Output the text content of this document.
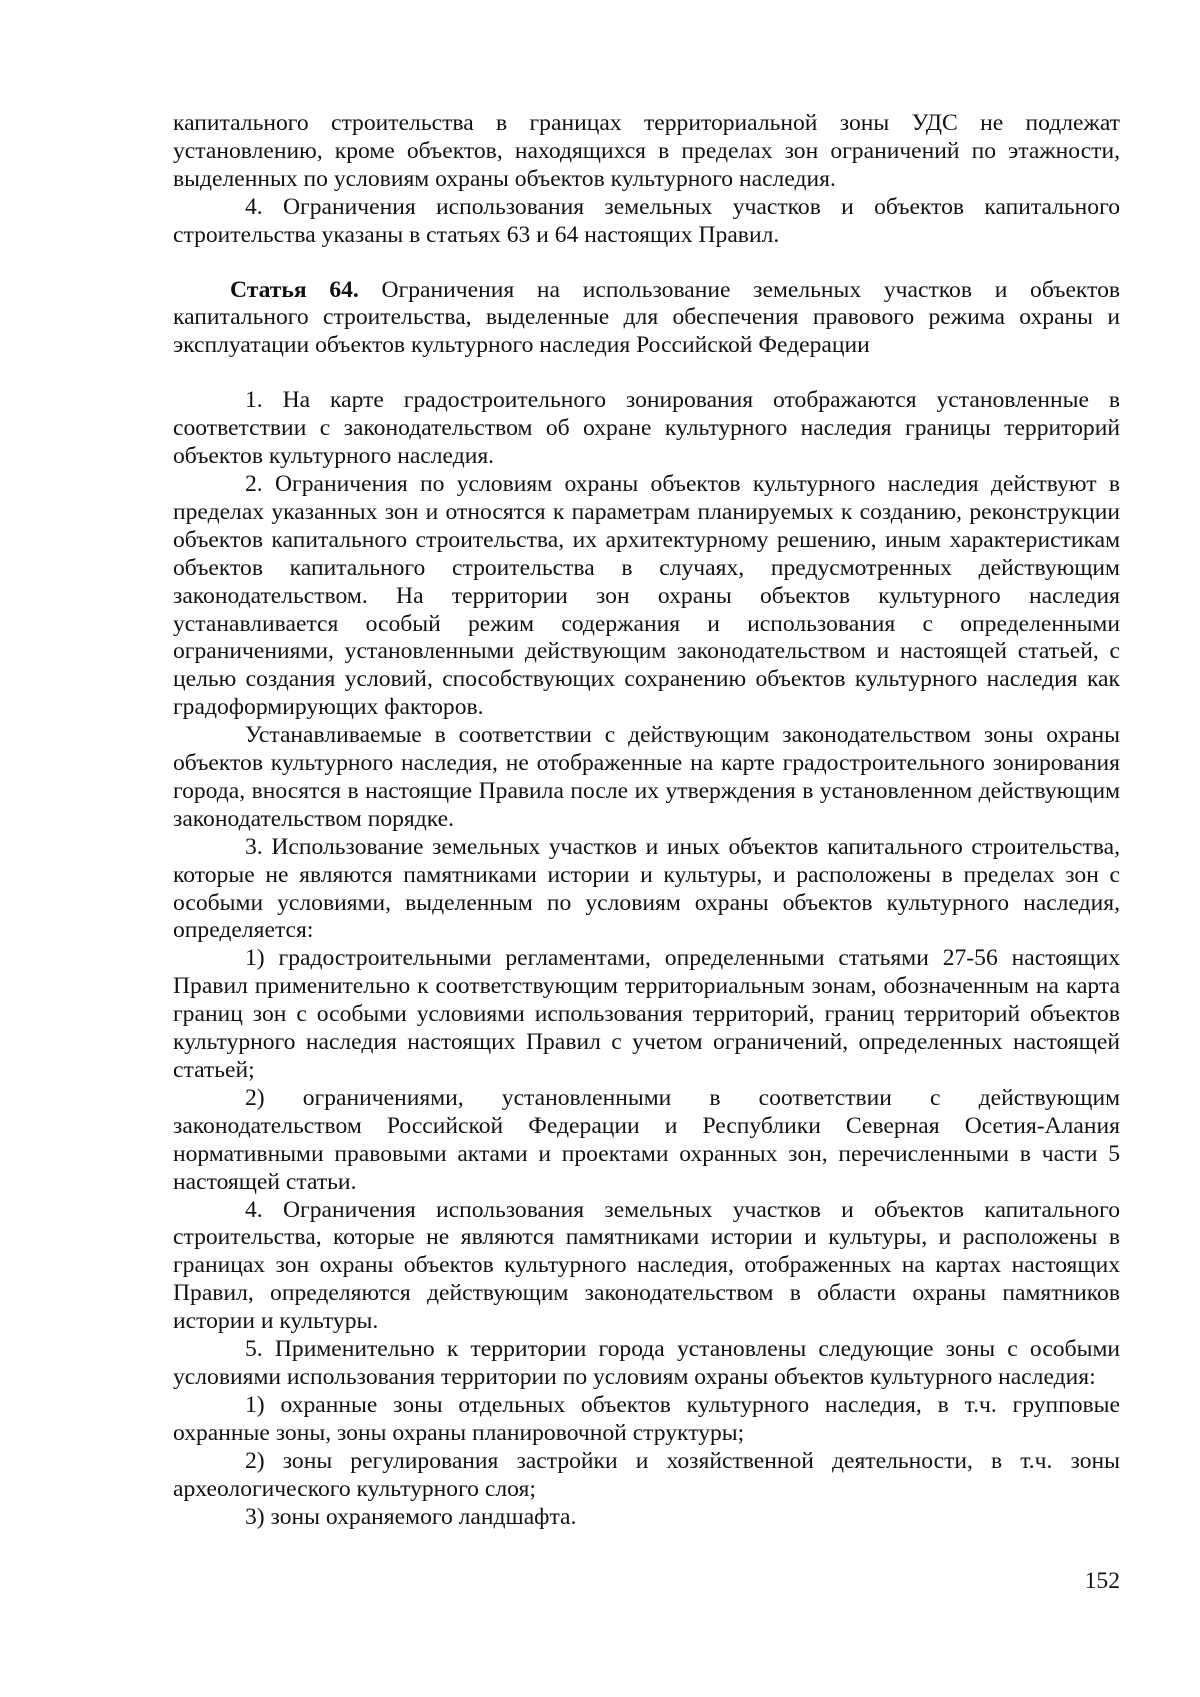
капитального строительства в границах территориальной зоны УДС не подлежат установлению, кроме объектов, находящихся в пределах зон ограничений по этажности, выделенных по условиям охраны объектов культурного наследия.

4. Ограничения использования земельных участков и объектов капитального строительства указаны в статьях 63 и 64 настоящих Правил.

Статья 64. Ограничения на использование земельных участков и объектов капитального строительства, выделенные для обеспечения правового режима охраны и эксплуатации объектов культурного наследия Российской Федерации

1. На карте градостроительного зонирования отображаются установленные в соответствии с законодательством об охране культурного наследия границы территорий объектов культурного наследия.

2. Ограничения по условиям охраны объектов культурного наследия действуют в пределах указанных зон и относятся к параметрам планируемых к созданию, реконструкции объектов капитального строительства, их архитектурному решению, иным характеристикам объектов капитального строительства в случаях, предусмотренных действующим законодательством. На территории зон охраны объектов культурного наследия устанавливается особый режим содержания и использования с определенными ограничениями, установленными действующим законодательством и настоящей статьей, с целью создания условий, способствующих сохранению объектов культурного наследия как градоформирующих факторов.

Устанавливаемые в соответствии с действующим законодательством зоны охраны объектов культурного наследия, не отображенные на карте градостроительного зонирования города, вносятся в настоящие Правила после их утверждения в установленном действующим законодательством порядке.

3. Использование земельных участков и иных объектов капитального строительства, которые не являются памятниками истории и культуры, и расположены в пределах зон с особыми условиями, выделенным по условиям охраны объектов культурного наследия, определяется:

1) градостроительными регламентами, определенными статьями 27-56 настоящих Правил применительно к соответствующим территориальным зонам, обозначенным на карта границ зон с особыми условиями использования территорий, границ территорий объектов культурного наследия настоящих Правил с учетом ограничений, определенных настоящей статьей;

2) ограничениями, установленными в соответствии с действующим законодательством Российской Федерации и Республики Северная Осетия-Алания нормативными правовыми актами и проектами охранных зон, перечисленными в части 5 настоящей статьи.

4. Ограничения использования земельных участков и объектов капитального строительства, которые не являются памятниками истории и культуры, и расположены в границах зон охраны объектов культурного наследия, отображенных на картах настоящих Правил, определяются действующим законодательством в области охраны памятников истории и культуры.

5. Применительно к территории города установлены следующие зоны с особыми условиями использования территории по условиям охраны объектов культурного наследия:

1) охранные зоны отдельных объектов культурного наследия, в т.ч. групповые охранные зоны, зоны охраны планировочной структуры;

2) зоны регулирования застройки и хозяйственной деятельности, в т.ч. зоны археологического культурного слоя;

3) зоны охраняемого ландшафта.

152
